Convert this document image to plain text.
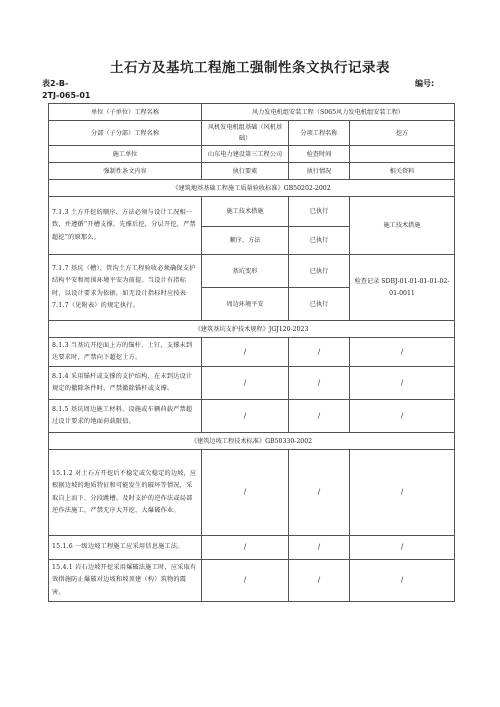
土石方及基坑工程施工强制性条文执行记录表
表2-B-
2TJ-065-01
编号:
单位（子单位）工程名称	风力发电机组安装工程（S065风力发电机组安装工程）		
分部（子分部）工程名称	风机发电机组基础（风机基础）	分项工程名称	挖方
施工单位	山东电力建设第三工程公司	检查时间	
强制性条文内容	执行要素	执行情况	相关资料
《建筑地基基础工程施工质量验收标准》GB50202-2002			
7.1.3 土方开挖的顺序、方法必须与设计工况相一致，并遵循“开槽支撑，先撑后挖，分层开挖，严禁超挖”的原那么。	施工技术措施	已执行	施工技术措施
	顺序、方法	已执行	
7.1.7 基坑（槽）、管沟土方工程验收必须确保支护结构平安和周围环境平安为前提。当设计有指标时，以设计要求为依据，如无设计指标时应按表7.1.7（见附表）的规定执行。	基坑变形	已执行	检查记录 SDBJ-01-01-01-01-02-01-0011
	周边环境平安	已执行	
《建筑基坑支护技术规程》JGJ120-2023			
8.1.3 当基坑开挖面上方的锚杆、土钉、支撑未到达要求时，严禁向下超挖土方。	/	/	/
8.1.4 采用锚杆或支撑的支护结构，在未到达设计规定的撤除条件时，严禁撤除锚杆或支撑。	/	/	/
8.1.5 基坑周边施工材料、设施或车辆荷载严禁超过设计要求的地面荷载限值。	/	/	/
《建筑边坡工程技术标准》GB50330-2002			
15.1.2 对土石方开挖后不稳定或欠稳定的边坡，应根据边坡的地质特征和可能发生的破坏等情况，采取自上而下、分段跳槽、及时支护的逆作法或局部逆作法施工，严禁无序大开挖、大爆破作业。	/	/	/
15.1.6 一级边坡工程施工应采用信息施工法。	/	/	/
15.4.1 岩石边坡开挖采用爆破法施工时，应采取有效措施防止爆破对边坡和坡顶建（构）筑物的震害。	/	/	/
